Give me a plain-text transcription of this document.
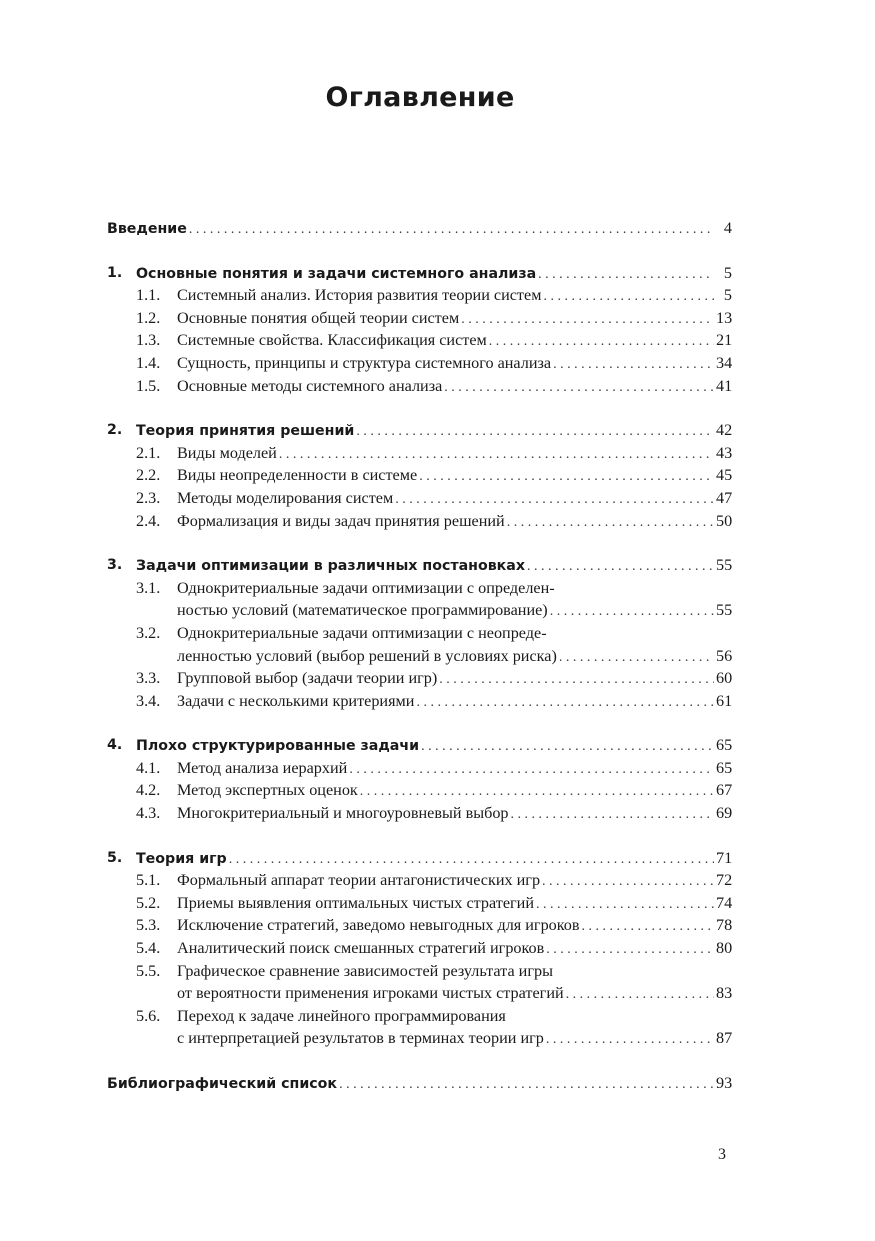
Оглавление
Введение . . .	4
1. Основные понятия и задачи системного анализа . . .	5
1.1. Системный анализ. История развития теории систем . . .	5
1.2. Основные понятия общей теории систем . . .	13
1.3. Системные свойства. Классификация систем . . .	21
1.4. Сущность, принципы и структура системного анализа . . .	34
1.5. Основные методы системного анализа . . .	41
2. Теория принятия решений . . .	42
2.1. Виды моделей . . .	43
2.2. Виды неопределенности в системе . . .	45
2.3. Методы моделирования систем . . .	47
2.4. Формализация и виды задач принятия решений . . .	50
3. Задачи оптимизации в различных постановках . . .	55
3.1. Однокритериальные задачи оптимизации с определен-
ностью условий (математическое программирование) . . .	55
3.2. Однокритериальные задачи оптимизации с неопреде-
ленностью условий (выбор решений в условиях риска) . . .	56
3.3. Групповой выбор (задачи теории игр) . . .	60
3.4. Задачи с несколькими критериями . . .	61
4. Плохо структурированные задачи . . .	65
4.1. Метод анализа иерархий . . .	65
4.2. Метод экспертных оценок . . .	67
4.3. Многокритериальный и многоуровневый выбор . . .	69
5. Теория игр . . .	71
5.1. Формальный аппарат теории антагонистических игр . . .	72
5.2. Приемы выявления оптимальных чистых стратегий . . .	74
5.3. Исключение стратегий, заведомо невыгодных для игроков . . .	78
5.4. Аналитический поиск смешанных стратегий игроков . . .	80
5.5. Графическое сравнение зависимостей результата игры
от вероятности применения игроками чистых стратегий . . .	83
5.6. Переход к задаче линейного программирования
с интерпретацией результатов в терминах теории игр . . .	87
Библиографический список . . .	93
3
